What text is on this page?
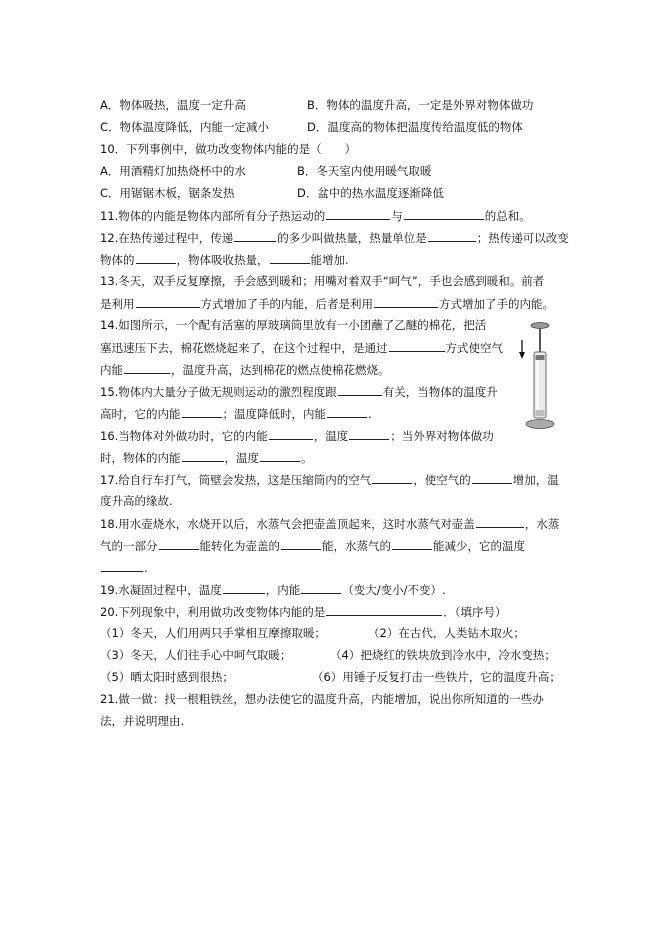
A．物体吸热，温度一定升高	B．物体的温度升高，一定是外界对物体做功
C．物体温度降低，内能一定减小	D．温度高的物体把温度传给温度低的物体
10．下列事例中，做功改变物体内能的是（　　）
A．用酒精灯加热烧杯中的水	B．冬天室内使用暖气取暖
C．用锯锯木板，锯条发热	D．盆中的热水温度逐渐降低
11.物体的内能是物体内部所有分子热运动的	与	的总和。
12.在热传递过程中，传递	的多少叫做热量，热量单位是	；热传递可以改变
物体的	，物体吸收热量，	能增加.
13.冬天，双手反复摩擦，手会感到暖和；用嘴对着双手“呵气”，手也会感到暖和。前者
是利用	方式增加了手的内能，后者是利用	方式增加了手的内能。
14.如图所示，一个配有活塞的厚玻璃筒里放有一小团蘸了乙醚的棉花，把活
塞迅速压下去，棉花燃烧起来了，在这个过程中，是通过	方式使空气
内能	，温度升高，达到棉花的燃点使棉花燃烧。
15.物体内大量分子做无规则运动的激烈程度跟	有关，当物体的温度升
高时，它的内能	；温度降低时，内能	.
16.当物体对外做功时，它的内能	，温度	；当外界对物体做功
时，物体的内能	，温度	。
17.给自行车打气，筒壁会发热，这是压缩筒内的空气	，使空气的	增加，温
度升高的缘故.
18.用水壶烧水，水烧开以后，水蒸气会把壶盖顶起来，这时水蒸气对壶盖	，水蒸
气的一部分	能转化为壶盖的	能，水蒸气的	能减少，它的温度
.
19.水凝固过程中，温度	，内能	（变大/变小/不变）.
20.下列现象中，利用做功改变物体内能的是	．（填序号）
（1）冬天，人们用两只手掌相互摩擦取暖；	（2）在古代，人类钻木取火；
（3）冬天，人们往手心中呵气取暖；	（4）把烧红的铁块放到冷水中，冷水变热；
（5）晒太阳时感到很热；	（6）用锤子反复打击一些铁片，它的温度升高；
21.做一做：找一根粗铁丝，想办法使它的温度升高，内能增加，说出你所知道的一些办
法，并说明理由.
